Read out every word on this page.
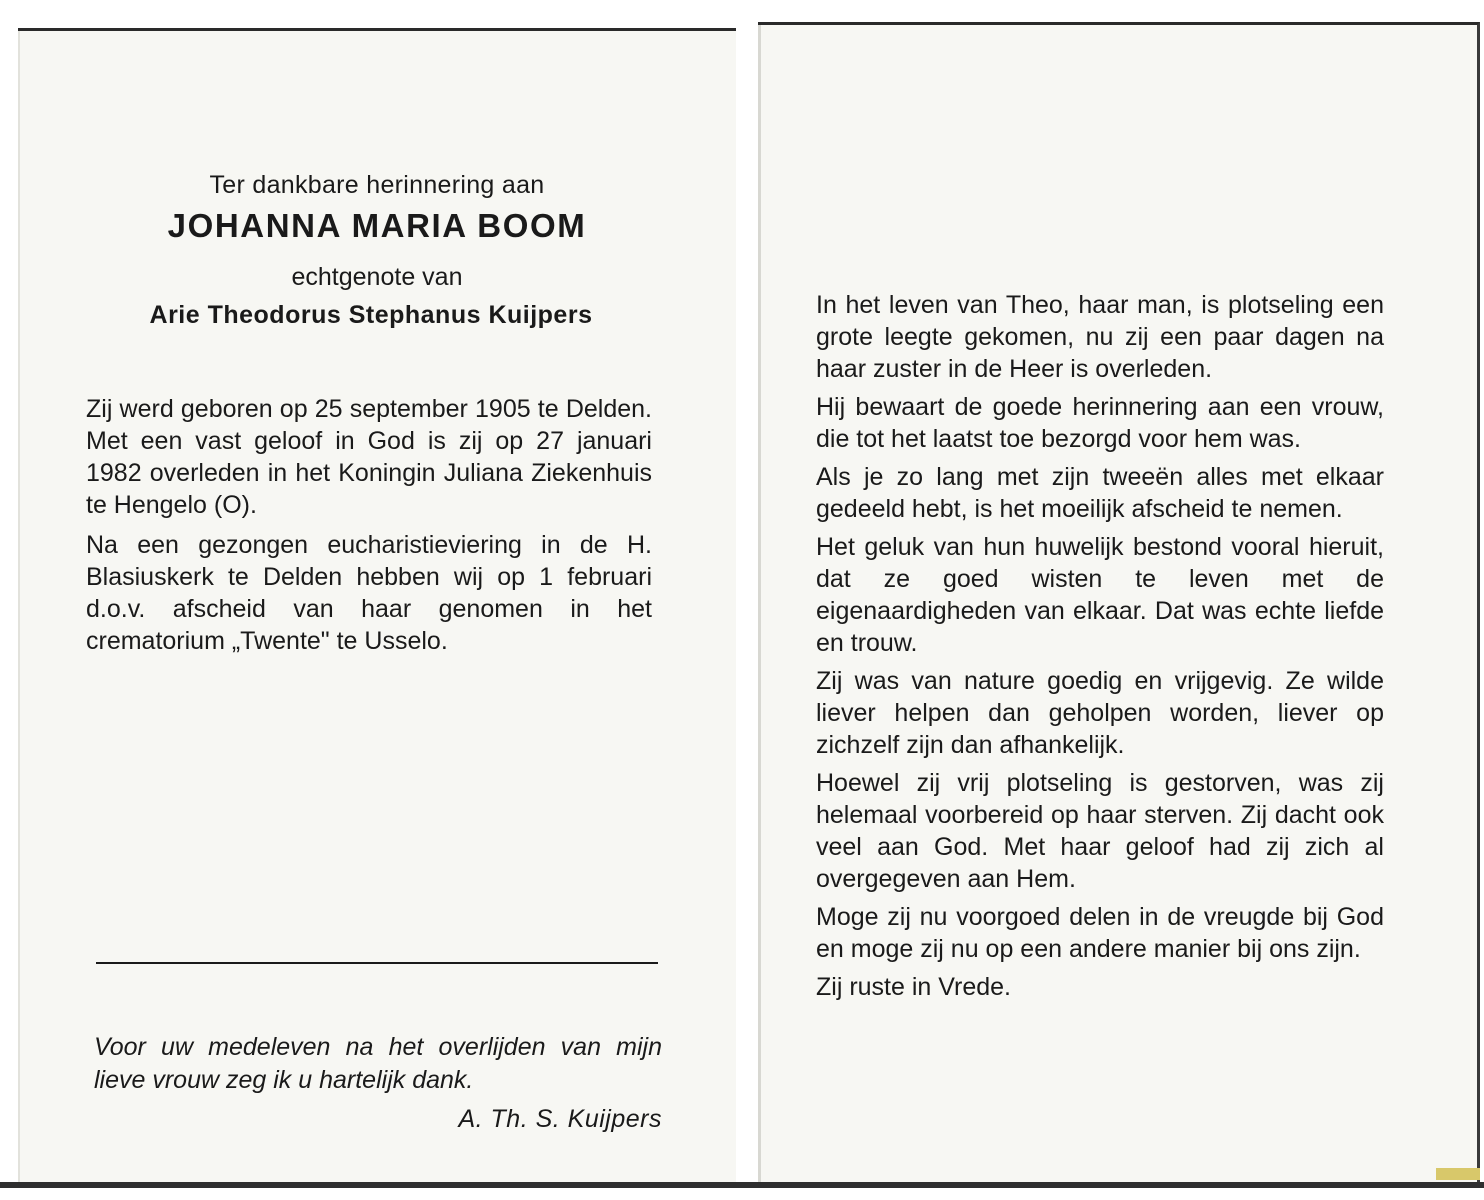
Ter dankbare herinnering aan
JOHANNA MARIA BOOM
echtgenote van
Arie Theodorus Stephanus Kuijpers

Zij werd geboren op 25 september 1905 te Delden. Met een vast geloof in God is zij op 27 januari 1982 overleden in het Koningin Juliana Ziekenhuis te Hengelo (O).

Na een gezongen eucharistieviering in de H. Blasiuskerk te Delden hebben wij op 1 februari d.o.v. afscheid van haar genomen in het crematorium „Twente" te Usselo.

Voor uw medeleven na het overlijden van mijn lieve vrouw zeg ik u hartelijk dank.
A. Th. S. Kuijpers

In het leven van Theo, haar man, is plotseling een grote leegte gekomen, nu zij een paar dagen na haar zuster in de Heer is overleden.

Hij bewaart de goede herinnering aan een vrouw, die tot het laatst toe bezorgd voor hem was.

Als je zo lang met zijn tweeën alles met elkaar gedeeld hebt, is het moeilijk afscheid te nemen.

Het geluk van hun huwelijk bestond vooral hieruit, dat ze goed wisten te leven met de eigenaardigheden van elkaar. Dat was echte liefde en trouw.

Zij was van nature goedig en vrijgevig. Ze wilde liever helpen dan geholpen worden, liever op zichzelf zijn dan afhankelijk.

Hoewel zij vrij plotseling is gestorven, was zij helemaal voorbereid op haar sterven. Zij dacht ook veel aan God. Met haar geloof had zij zich al overgegeven aan Hem.

Moge zij nu voorgoed delen in de vreugde bij God en moge zij nu op een andere manier bij ons zijn.

Zij ruste in Vrede.
